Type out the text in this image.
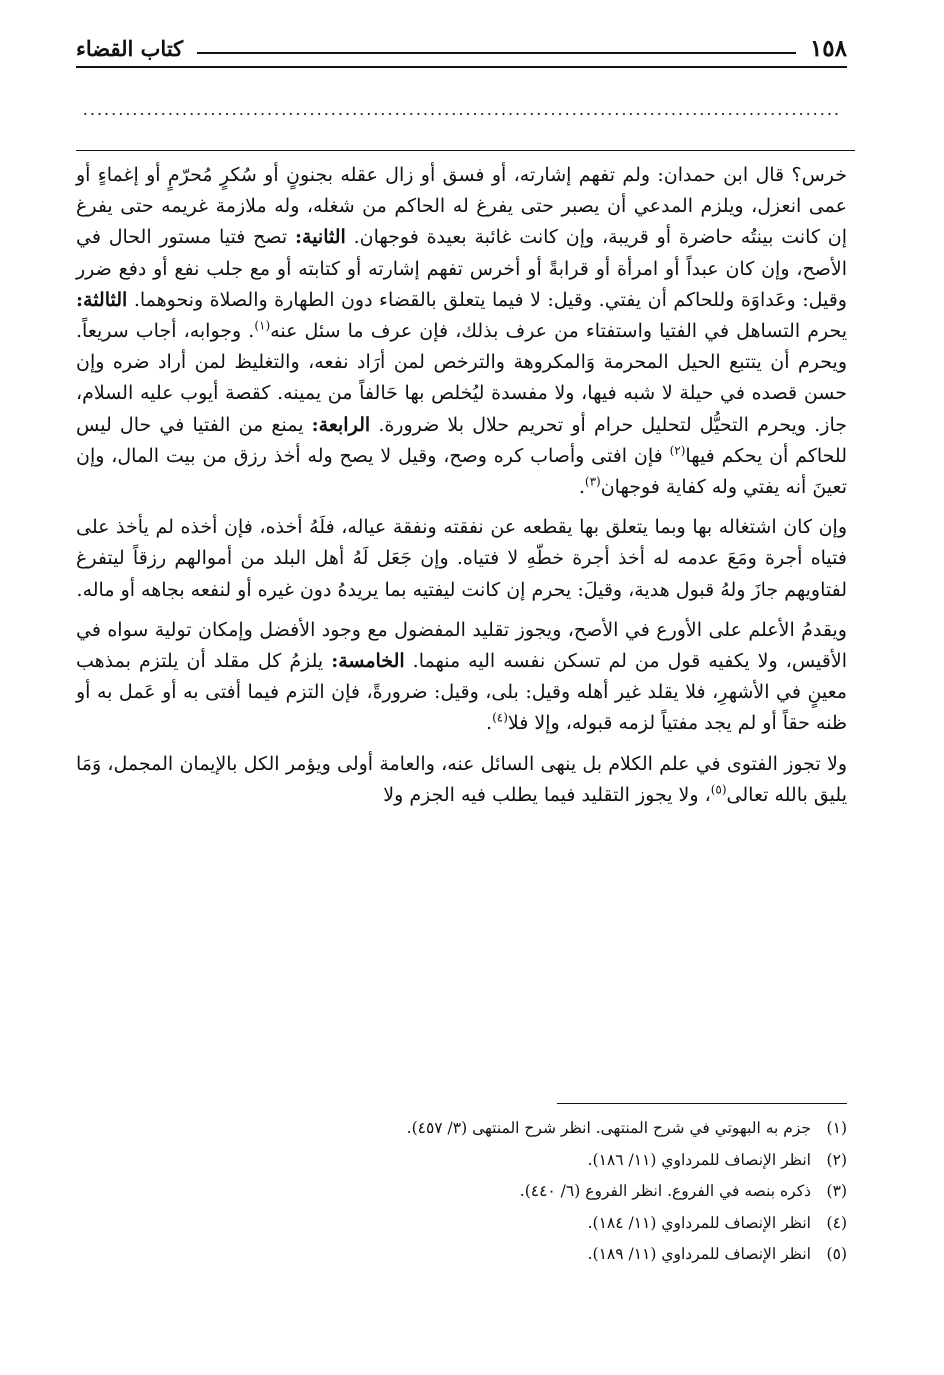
كتاب القضاء	١٥٨
...........................................................................................................

خرس؟ قال ابن حمدان: ولم تفهم إشارته، أو فسق أو زال عقله بجنونٍ أو سُكرٍ مُحرّمٍ أو إغماءٍ أو عمى انعزل، ويلزم المدعي أن يصبر حتى يفرغ له الحاكم من شغله، وله ملازمة غريمه حتى يفرغ إن كانت بينتُه حاضرة أو قريبة، وإن كانت غائبة بعيدة فوجهان. الثانية: تصح فتيا مستور الحال في الأصح، وإن كان عبداً أو امرأة أو قرابةً أو أخرس تفهم إشارته أو كتابته أو مع جلب نفع أو دفع ضرر وقيل: وعَداوَة وللحاكم أن يفتي. وقيل: لا فيما يتعلق بالقضاء دون الطهارة والصلاة ونحوهما. الثالثة: يحرم التساهل في الفتيا واستفتاء من عرف بذلك، فإن عرف ما سئل عنه$^{(١)}$. وجوابه، أجاب سريعاً. ويحرم أن يتتبع الحيل المحرمة وَالمكروهة والترخص لمن أرَاد نفعه، والتغليظ لمن أراد ضره وإن حسن قصده في حيلة لا شبه فيها، ولا مفسدة ليُخلص بها حَالفاً من يمينه. كقصة أيوب عليه السلام، جاز. ويحرم التحيُّل لتحليل حرام أو تحريم حلال بلا ضرورة. الرابعة: يمنع من الفتيا في حال ليس للحاكم أن يحكم فيها$^{(٢)}$ فإن افتى وأصاب كره وصح، وقيل لا يصح وله أخذ رزق من بيت المال، وإن تعينَ أنه يفتي وله كفاية فوجهان$^{(٣)}$.

وإن كان اشتغاله بها وبما يتعلق بها يقطعه عن نفقته ونفقة عياله، فلَهُ أخذه، فإن أخذه لم يأخذ على فتياه أجرة ومَعَ عدمه له أخذ أجرة خطّهِ لا فتياه. وإن جَعَل لَهُ أهل البلد من أموالهم رزقاً ليتفرغ لفتاويهم جازَ ولهُ قبول هدية، وقيلَ: يحرم إن كانت ليفتيه بما يريدهُ دون غيره أو لنفعه بجاهه أو ماله.

ويقدمُ الأعلم على الأورع في الأصح، ويجوز تقليد المفضول مع وجود الأفضل وإمكان تولية سواه في الأقيس، ولا يكفيه قول من لم تسكن نفسه اليه منهما. الخامسة: يلزمُ كل مقلد أن يلتزم بمذهب معينٍ في الأشهرِ، فلا يقلد غير أهله وقيل: بلى، وقيل: ضرورةً، فإن التزم فيما أفتى به أو عَمل به أو ظنه حقاً أو لم يجد مفتياً لزمه قبوله، وإلا فلا$^{(٤)}$.

ولا تجوز الفتوى في علم الكلام بل ينهى السائل عنه، والعامة أولى ويؤمر الكل بالإيمان المجمل، وَمَا يليق بالله تعالى$^{(٥)}$، ولا يجوز التقليد فيما يطلب فيه الجزم ولا

(١)
جزم به البهوتي في شرح المنتهى. انظر شرح المنتهى (٣/ ٤٥٧).
(٢)
انظر الإنصاف للمرداوي (١١/ ١٨٦).
(٣)
ذكره بنصه في الفروع. انظر الفروع (٦/ ٤٤٠).
(٤)
انظر الإنصاف للمرداوي (١١/ ١٨٤).
(٥)
انظر الإنصاف للمرداوي (١١/ ١٨٩).
